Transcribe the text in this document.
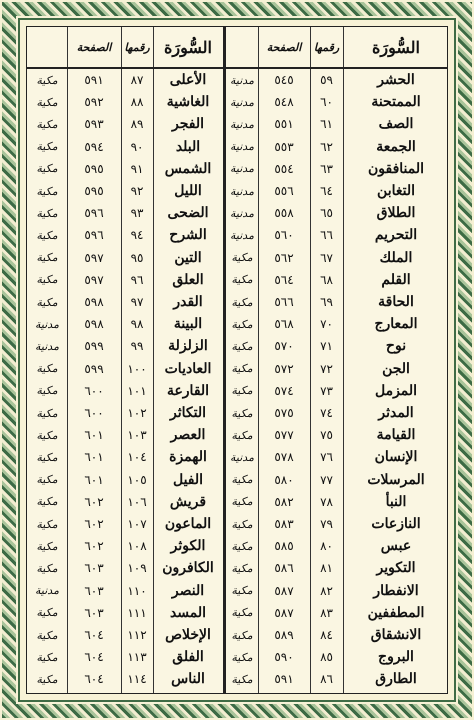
السُّورَة
رقمها
الصفحة
السُّورَة
رقمها
الصفحة
الحشر
٥٩
٥٤٥
مدنية
الأعلى
٨٧
٥٩١
مكية
الممتحنة
٦٠
٥٤٨
مدنية
الغاشية
٨٨
٥٩٢
مكية
الصف
٦١
٥٥١
مدنية
الفجر
٨٩
٥٩٣
مكية
الجمعة
٦٢
٥٥٣
مدنية
البلد
٩٠
٥٩٤
مكية
المنافقون
٦٣
٥٥٤
مدنية
الشمس
٩١
٥٩٥
مكية
التغابن
٦٤
٥٥٦
مدنية
الليل
٩٢
٥٩٥
مكية
الطلاق
٦٥
٥٥٨
مدنية
الضحى
٩٣
٥٩٦
مكية
التحريم
٦٦
٥٦٠
مدنية
الشرح
٩٤
٥٩٦
مكية
الملك
٦٧
٥٦٢
مكية
التين
٩٥
٥٩٧
مكية
القلم
٦٨
٥٦٤
مكية
العلق
٩٦
٥٩٧
مكية
الحاقة
٦٩
٥٦٦
مكية
القدر
٩٧
٥٩٨
مكية
المعارج
٧٠
٥٦٨
مكية
البينة
٩٨
٥٩٨
مدنية
نوح
٧١
٥٧٠
مكية
الزلزلة
٩٩
٥٩٩
مدنية
الجن
٧٢
٥٧٢
مكية
العاديات
١٠٠
٥٩٩
مكية
المزمل
٧٣
٥٧٤
مكية
القارعة
١٠١
٦٠٠
مكية
المدثر
٧٤
٥٧٥
مكية
التكاثر
١٠٢
٦٠٠
مكية
القيامة
٧٥
٥٧٧
مكية
العصر
١٠٣
٦٠١
مكية
الإنسان
٧٦
٥٧٨
مدنية
الهمزة
١٠٤
٦٠١
مكية
المرسلات
٧٧
٥٨٠
مكية
الفيل
١٠٥
٦٠١
مكية
النبأ
٧٨
٥٨٢
مكية
قريش
١٠٦
٦٠٢
مكية
النازعات
٧٩
٥٨٣
مكية
الماعون
١٠٧
٦٠٢
مكية
عبس
٨٠
٥٨٥
مكية
الكوثر
١٠٨
٦٠٢
مكية
التكوير
٨١
٥٨٦
مكية
الكافرون
١٠٩
٦٠٣
مكية
الانفطار
٨٢
٥٨٧
مكية
النصر
١١٠
٦٠٣
مدنية
المطففين
٨٣
٥٨٧
مكية
المسد
١١١
٦٠٣
مكية
الانشقاق
٨٤
٥٨٩
مكية
الإخلاص
١١٢
٦٠٤
مكية
البروج
٨٥
٥٩٠
مكية
الفلق
١١٣
٦٠٤
مكية
الطارق
٨٦
٥٩١
مكية
الناس
١١٤
٦٠٤
مكية
